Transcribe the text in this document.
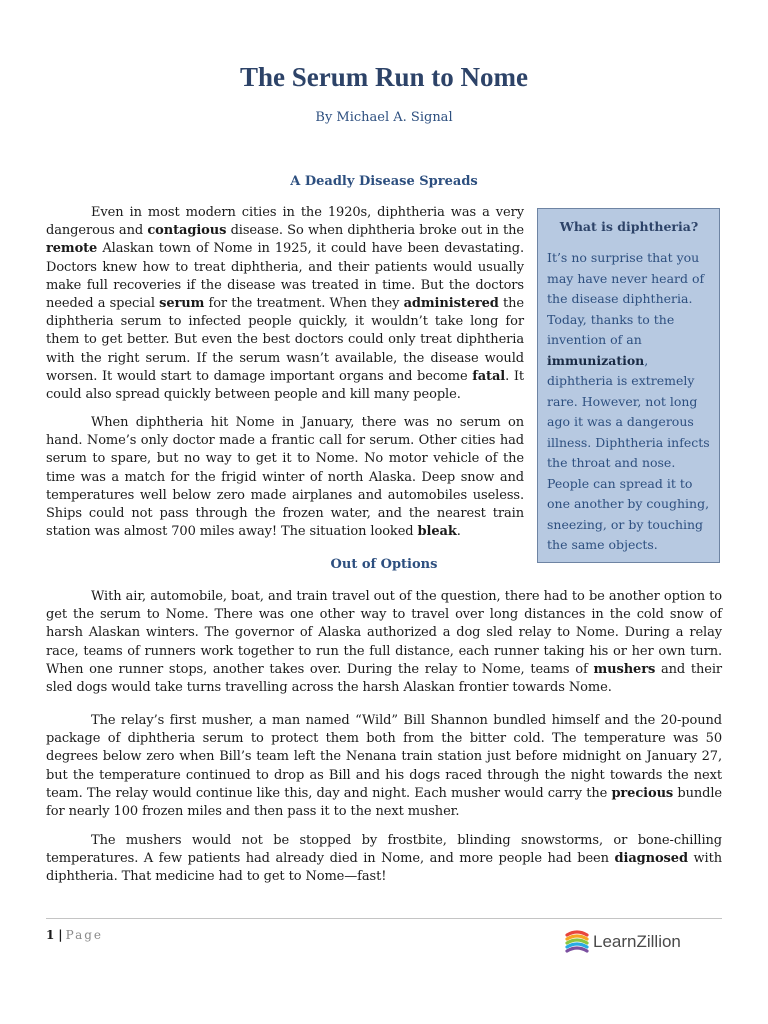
The Serum Run to Nome
By Michael A. Signal
A Deadly Disease Spreads

Even in most modern cities in the 1920s, diphtheria was a very dangerous and contagious disease. So when diphtheria broke out in the remote Alaskan town of Nome in 1925, it could have been devastating. Doctors knew how to treat diphtheria, and their patients would usually make full recoveries if the disease was treated in time. But the doctors needed a special serum for the treatment. When they administered the diphtheria serum to infected people quickly, it wouldn’t take long for them to get better. But even the best doctors could only treat diphtheria with the right serum. If the serum wasn’t available, the disease would worsen. It would start to damage important organs and become fatal. It could also spread quickly between people and kill many people.

When diphtheria hit Nome in January, there was no serum on hand. Nome’s only doctor made a frantic call for serum. Other cities had serum to spare, but no way to get it to Nome. No motor vehicle of the time was a match for the frigid winter of north Alaska. Deep snow and temperatures well below zero made airplanes and automobiles useless. Ships could not pass through the frozen water, and the nearest train station was almost 700 miles away! The situation looked bleak.

Out of Options

With air, automobile, boat, and train travel out of the question, there had to be another option to get the serum to Nome. There was one other way to travel over long distances in the cold snow of harsh Alaskan winters. The governor of Alaska authorized a dog sled relay to Nome. During a relay race, teams of runners work together to run the full distance, each runner taking his or her own turn. When one runner stops, another takes over. During the relay to Nome, teams of mushers and their sled dogs would take turns travelling across the harsh Alaskan frontier towards Nome.

The relay’s first musher, a man named “Wild” Bill Shannon bundled himself and the 20-pound package of diphtheria serum to protect them both from the bitter cold. The temperature was 50 degrees below zero when Bill’s team left the Nenana train station just before midnight on January 27, but the temperature continued to drop as Bill and his dogs raced through the night towards the next team. The relay would continue like this, day and night. Each musher would carry the precious bundle for nearly 100 frozen miles and then pass it to the next musher.

The mushers would not be stopped by frostbite, blinding snowstorms, or bone-chilling temperatures. A few patients had already died in Nome, and more people had been diagnosed with diphtheria. That medicine had to get to Nome—fast!

What is diphtheria?

It’s no surprise that you may have never heard of the disease diphtheria. Today, thanks to the invention of an immunization, diphtheria is extremely rare. However, not long ago it was a dangerous illness. Diphtheria infects the throat and nose. People can spread it to one another by coughing, sneezing, or by touching the same objects.

1 | Page	LearnZillion
